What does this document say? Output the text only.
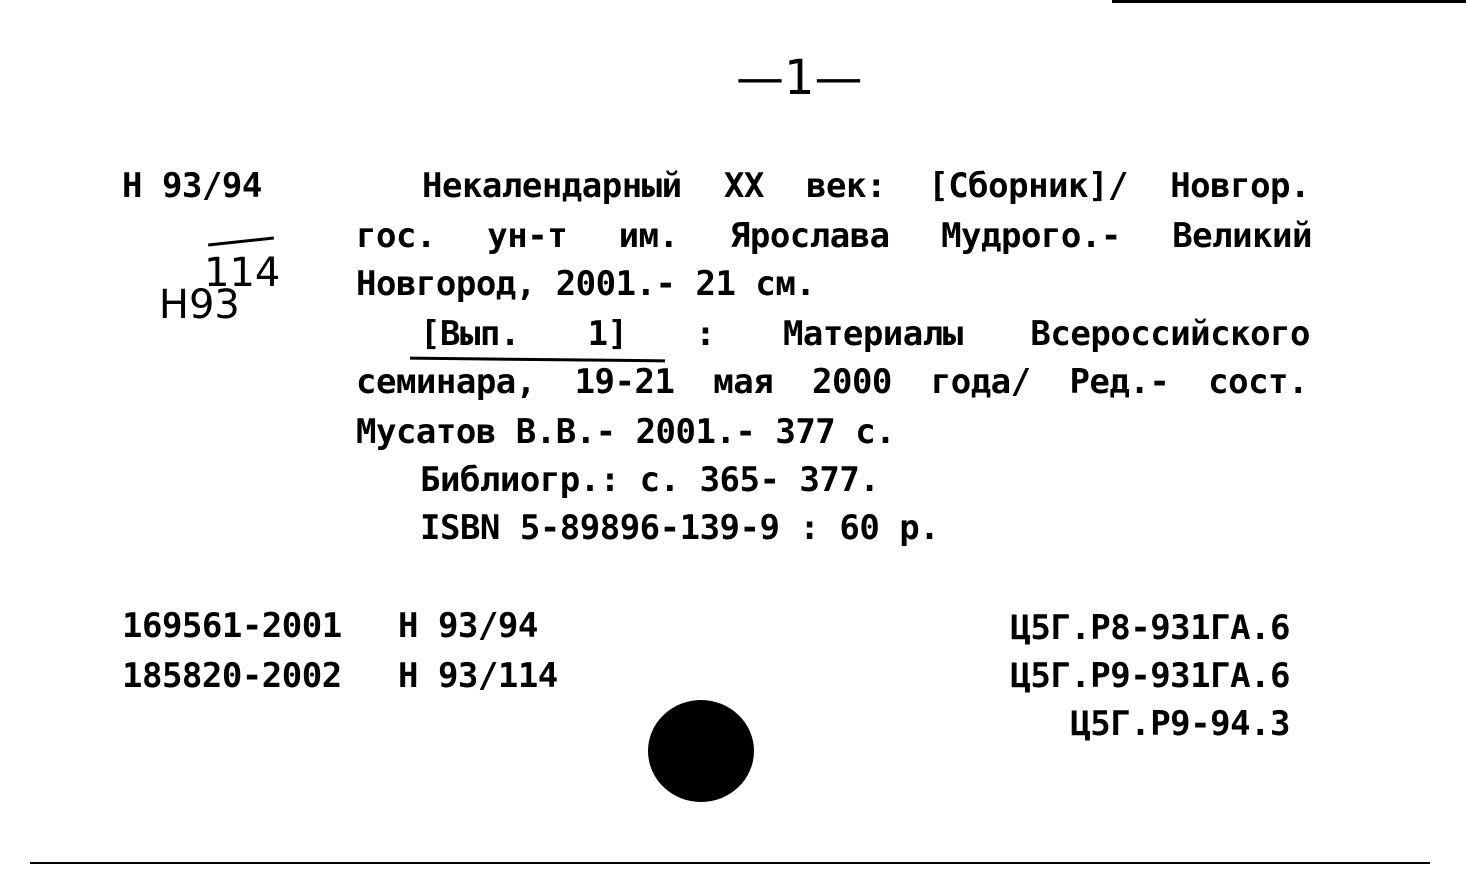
—1—
Н 93/94

Н93

114
Некалендарный XX век: [Сборник]/ Новгор.
гос. ун-т им. Ярослава Мудрого.- Великий
Новгород, 2001.- 21 см.
[Вып. 1] : Материалы Всероссийского
семинара, 19-21 мая 2000 года/ Ред.- сост.
Мусатов В.В.- 2001.- 377 с.
Библиогр.: с. 365- 377.
ISBN 5-89896-139-9 : 60 р.
169561-2001 Н 93/94
185820-2002 Н 93/114
Ц5Г.Р8-931ГА.6
Ц5Г.Р9-931ГА.6
Ц5Г.Р9-94.3
